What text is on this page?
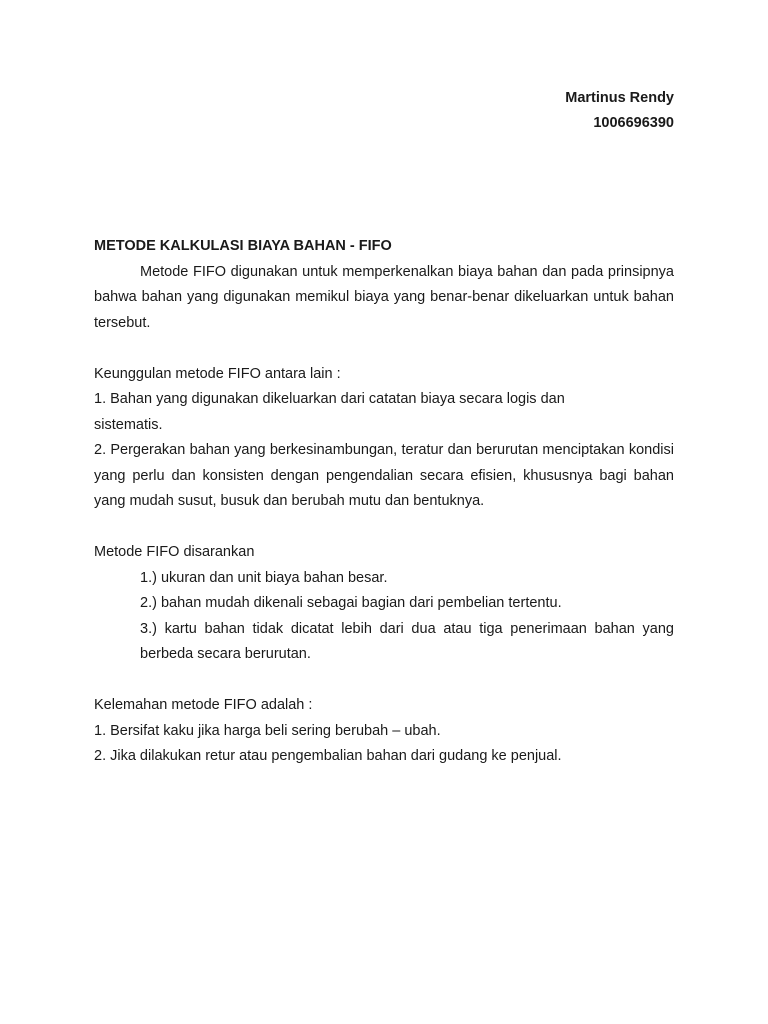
Martinus Rendy
1006696390

METODE KALKULASI BIAYA BAHAN - FIFO

Metode FIFO digunakan untuk memperkenalkan biaya bahan dan pada prinsipnya bahwa bahan yang digunakan memikul biaya yang benar-benar dikeluarkan untuk bahan tersebut.

Keunggulan metode FIFO antara lain :

1. Bahan yang digunakan dikeluarkan dari catatan biaya secara logis dan

sistematis.

2. Pergerakan bahan yang berkesinambungan, teratur dan berurutan menciptakan kondisi yang perlu dan konsisten dengan pengendalian secara efisien, khususnya bagi bahan yang mudah susut, busuk dan berubah mutu dan bentuknya.

Metode FIFO disarankan

1.) ukuran dan unit biaya bahan besar.

2.) bahan mudah dikenali sebagai bagian dari pembelian tertentu.

3.) kartu bahan tidak dicatat lebih dari dua atau tiga penerimaan bahan yang berbeda secara berurutan.

Kelemahan metode FIFO adalah :

1. Bersifat kaku jika harga beli sering berubah – ubah.

2. Jika dilakukan retur atau pengembalian bahan dari gudang ke penjual.
